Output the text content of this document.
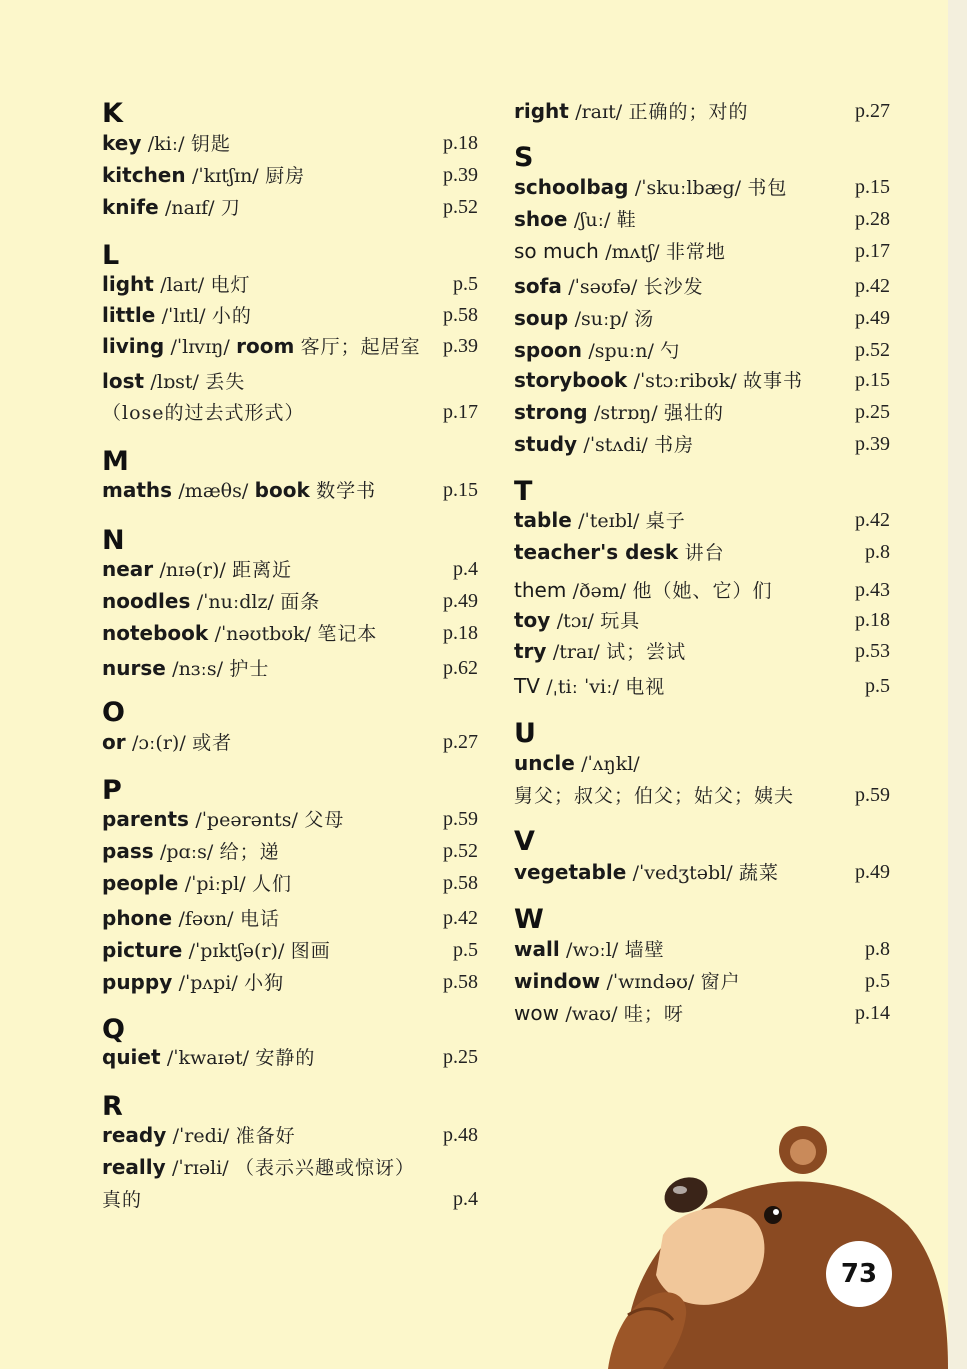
K
key /kiː/ 钥匙	p.18
kitchen /ˈkɪtʃɪn/ 厨房	p.39
knife /naɪf/ 刀	p.52
L
light /laɪt/ 电灯	p.5
little /ˈlɪtl/ 小的	p.58
living /ˈlɪvɪŋ/ room 客厅；起居室 p.39
lost /lɒst/ 丢失
（lose的过去式形式）	p.17
M
maths /mæθs/ book 数学书	p.15
N
near /nɪə(r)/ 距离近	p.4
noodles /ˈnuːdlz/ 面条	p.49
notebook /ˈnəʊtbʊk/ 笔记本	p.18
nurse /nɜːs/ 护士	p.62
O
or /ɔː(r)/ 或者	p.27
P
parents /ˈpeərənts/ 父母	p.59
pass /pɑːs/ 给；递	p.52
people /ˈpiːpl/ 人们	p.58
phone /fəʊn/ 电话	p.42
picture /ˈpɪktʃə(r)/ 图画	p.5
puppy /ˈpʌpi/ 小狗	p.58
Q
quiet /ˈkwaɪət/ 安静的	p.25
R
ready /ˈredi/ 准备好	p.48
really /ˈrɪəli/ （表示兴趣或惊讶）
真的	p.4
right /raɪt/ 正确的；对的	p.27
S
schoolbag /ˈskuːlbæg/ 书包	p.15
shoe /ʃuː/ 鞋	p.28
so much /mʌtʃ/ 非常地	p.17
sofa /ˈsəʊfə/ 长沙发	p.42
soup /suːp/ 汤	p.49
spoon /spuːn/ 勺	p.52
storybook /ˈstɔːribʊk/ 故事书	p.15
strong /strɒŋ/ 强壮的	p.25
study /ˈstʌdi/ 书房	p.39
T
table /ˈteɪbl/ 桌子	p.42
teacher's desk 讲台	p.8
them /ðəm/ 他（她、它）们	p.43
toy /tɔɪ/ 玩具	p.18
try /traɪ/ 试；尝试	p.53
TV /ˌtiː ˈviː/ 电视	p.5
U
uncle /ˈʌŋkl/
舅父；叔父；伯父；姑父；姨夫	p.59
V
vegetable /ˈvedʒtəbl/ 蔬菜	p.49
W
wall /wɔːl/ 墙壁	p.8
window /ˈwɪndəʊ/ 窗户	p.5
wow /waʊ/ 哇；呀	p.14
73
